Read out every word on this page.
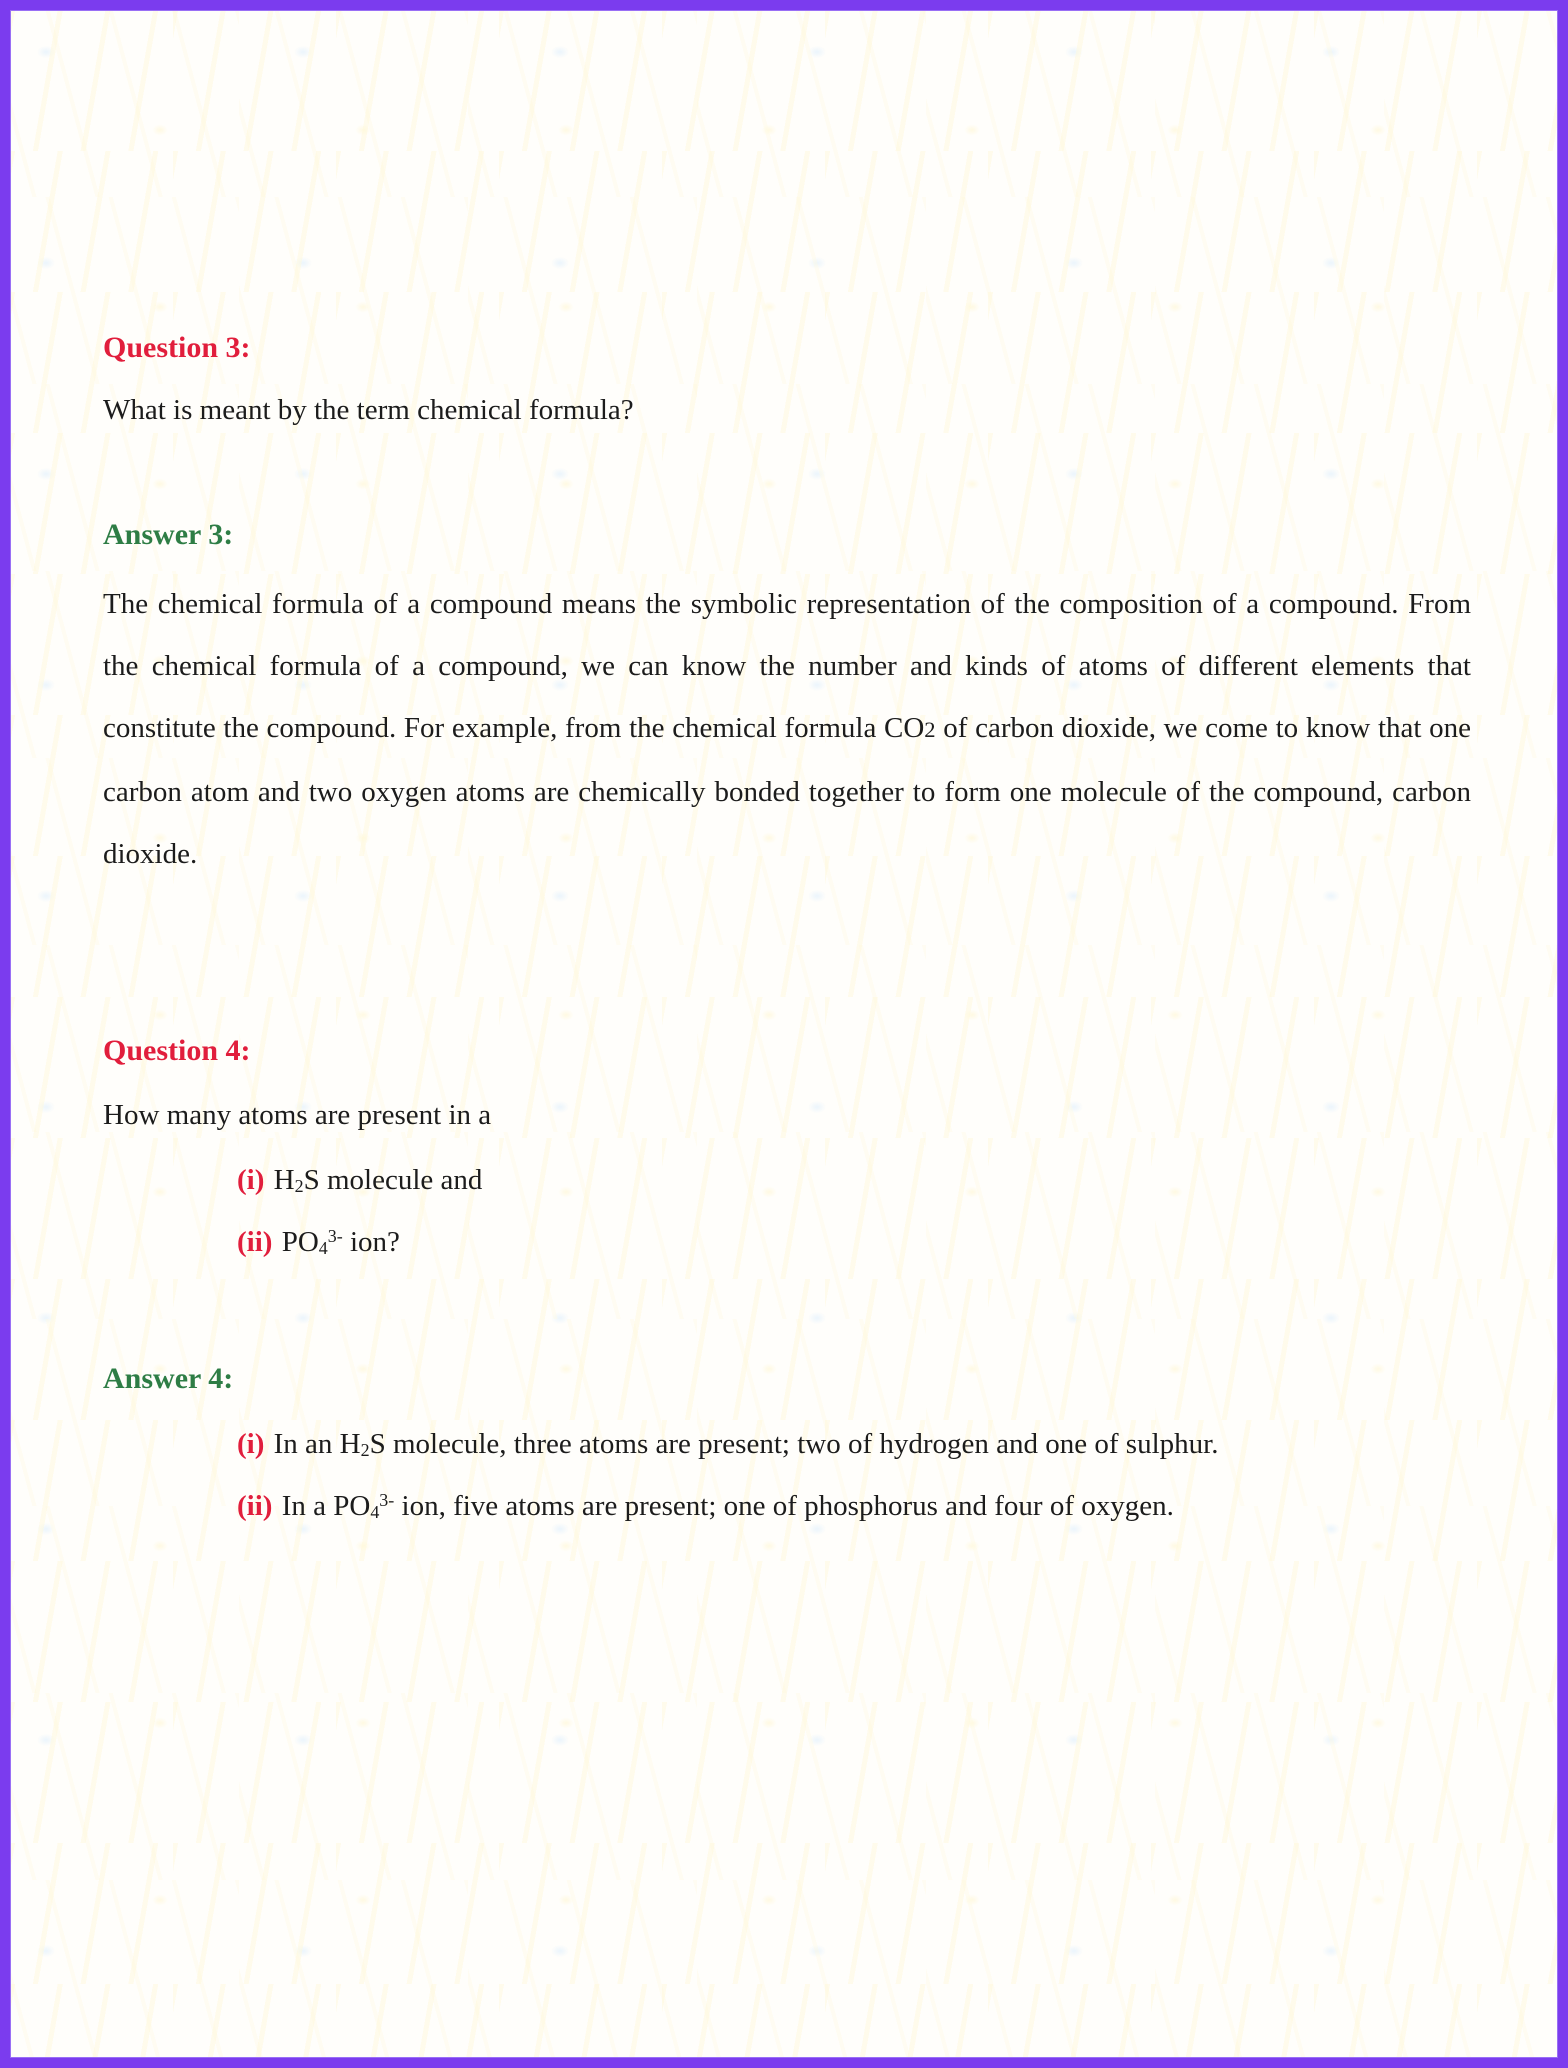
Question 3:

What is meant by the term chemical formula?

Answer 3:

The chemical formula of a compound means the symbolic representation of the composition of a compound. From the chemical formula of a compound, we can know the number and kinds of atoms of different elements that constitute the compound. For example, from the chemical formula CO2 of carbon dioxide, we come to know that one carbon atom and two oxygen atoms are chemically bonded together to form one molecule of the compound, carbon dioxide.

Question 4:

How many atoms are present in a

(i) $H_2S$ molecule and

(ii) $PO_4^{3-}$ ion?

Answer 4:

(i) In an $H_2S$ molecule, three atoms are present; two of hydrogen and one of sulphur.

(ii) In a $PO_4^{3-}$ ion, five atoms are present; one of phosphorus and four of oxygen.
